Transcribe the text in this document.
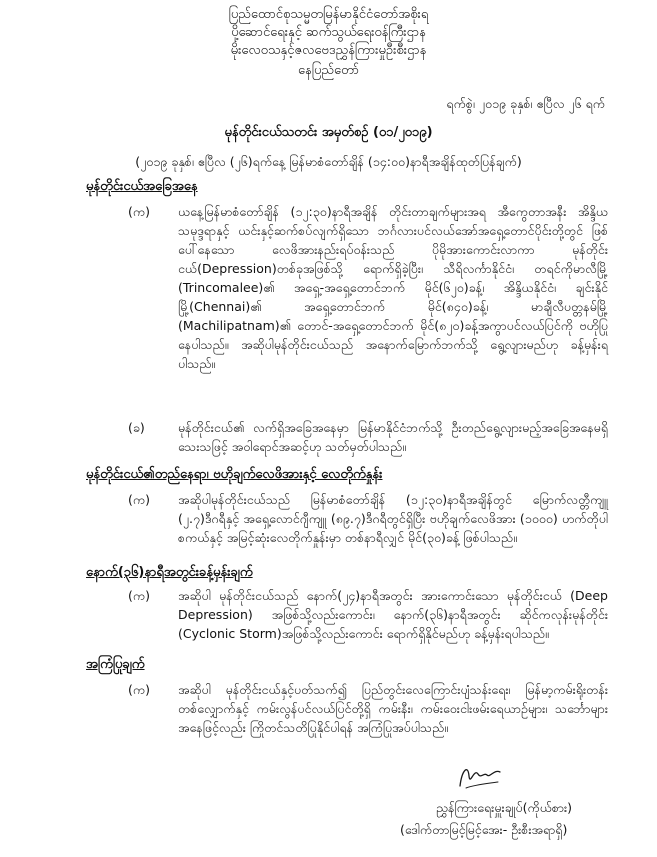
ပြည်ထောင်စုသမ္မတမြန်မာနိုင်ငံတော်အစိုးရ
ပို့ဆောင်ရေးနှင့် ဆက်သွယ်ရေးဝန်ကြီးဌာန
မိုးလေဝသနှင့်ဇလဗေဒညွှန်ကြားမှုဦးစီးဌာန
နေပြည်တော်
ရက်စွဲ၊ ၂၀၁၉ ခုနှစ်၊ ဧပြီလ ၂၆ ရက်
မုန်တိုင်းငယ်သတင်း အမှတ်စဉ် (၀၁/၂၀၁၉)
(၂၀၁၉ ခုနှစ်၊ ဧပြီလ (၂၆)ရက်နေ့ မြန်မာစံတော်ချိန် (၁၄:၀၀)နာရီအချိန်ထုတ်ပြန်ချက်)
မုန်တိုင်းငယ်အခြေအနေ
(က) ယနေ့မြန်မာစံတော်ချိန် (၁၂:၃၀)နာရီအချိန် တိုင်းတာချက်များအရ အီကွေတာအနီး အိန္ဒိယသမုဒ္ဒရာနှင့် ယင်းနှင့်ဆက်စပ်လျက်ရှိသော ဘင်္ဂလားပင်လယ်အော်အရှေ့တောင်ပိုင်းတို့တွင် ဖြစ်ပေါ်နေသော လေဖိအားနည်းရပ်ဝန်းသည် ပိုမိုအားကောင်းလာကာ မုန်တိုင်းငယ်(Depression)တစ်ခုအဖြစ်သို့ ရောက်ရှိခဲ့ပြီး၊ သီရိလင်္ကာနိုင်ငံ၊ တရင်ကိုမာလီမြို့ (Trincomalee)၏ အရှေ့-အရှေ့တောင်ဘက် မိုင်(၆၂၀)ခန့်၊ အိန္ဒိယနိုင်ငံ၊ ချင်းနိုင်မြို့(Chennai)၏ အရှေ့တောင်ဘက် မိုင်(၈၄၀)ခန့်၊ မာချီလီပတ္တနမ်မြို့ (Machilipatnam)၏ တောင်-အရှေ့တောင်ဘက် မိုင်(၈၂၀)ခန့်အကွာပင်လယ်ပြင်ကို ဗဟိုပြုနေပါသည်။ အဆိုပါမုန်တိုင်းငယ်သည် အနောက်မြောက်ဘက်သို့ ရွေ့လျားမည်ဟု ခန့်မှန်းရပါသည်။
(ခ)	မုန်တိုင်းငယ်၏ လက်ရှိအခြေအနေမှာ မြန်မာနိုင်ငံဘက်သို့ ဦးတည်ရွေ့လျားမည့်အခြေအနေမရှိသေးသဖြင့် အဝါရောင်အဆင့်ဟု သတ်မှတ်ပါသည်။
မုန်တိုင်းငယ်၏တည်နေရာ၊ ဗဟိုချက်လေဖိအားနှင့် လေတိုက်နှုန်း
(က) အဆိုပါမုန်တိုင်းငယ်သည် မြန်မာစံတော်ချိန် (၁၂:၃၀)နာရီအချိန်တွင် မြောက်လတ္တီကျူ (၂.၇)ဒီဂရီနှင့် အရှေ့လောင်ဂျီကျူ (၈၉.၇)ဒီဂရီတွင်ရှိပြီး ဗဟိုချက်လေဖိအား (၁၀၀၀) ဟက်တိုပါစကယ်နှင့် အမြင့်ဆုံးလေတိုက်နှုန်းမှာ တစ်နာရီလျှင် မိုင်(၃၀)ခန့် ဖြစ်ပါသည်။
နောက်(၃၆)နာရီအတွင်းခန့်မှန်းချက်
(က) အဆိုပါ မုန်တိုင်းငယ်သည် နောက်(၂၄)နာရီအတွင်း အားကောင်းသော မုန်တိုင်းငယ် (Deep Depression) အဖြစ်သို့လည်းကောင်း၊ နောက်(၃၆)နာရီအတွင်း ဆိုင်ကလုန်းမုန်တိုင်း (Cyclonic Storm)အဖြစ်သို့လည်းကောင်း ရောက်ရှိနိုင်မည်ဟု ခန့်မှန်းရပါသည်။
အကြံပြုချက်
(က) အဆိုပါ မုန်တိုင်းငယ်နှင့်ပတ်သက်၍ ပြည်တွင်းလေကြောင်းပျံသန်းရေး၊ မြန်မာ့ကမ်းရိုးတန်းတစ်လျှောက်နှင့် ကမ်းလွန်ပင်လယ်ပြင်တို့ရှိ ကမ်းနီး၊ ကမ်းဝေးငါးဖမ်းရေယာဉ်များ၊ သင်္ဘောများအနေဖြင့်လည်း ကြိုတင်သတိပြုနိုင်ပါရန် အကြံပြုအပ်ပါသည်။
ညွှန်ကြားရေးမှူးချုပ်(ကိုယ်စား)
(ဒေါက်တာမြင့်မြင့်အေး- ဦးစီးအရာရှိ)
